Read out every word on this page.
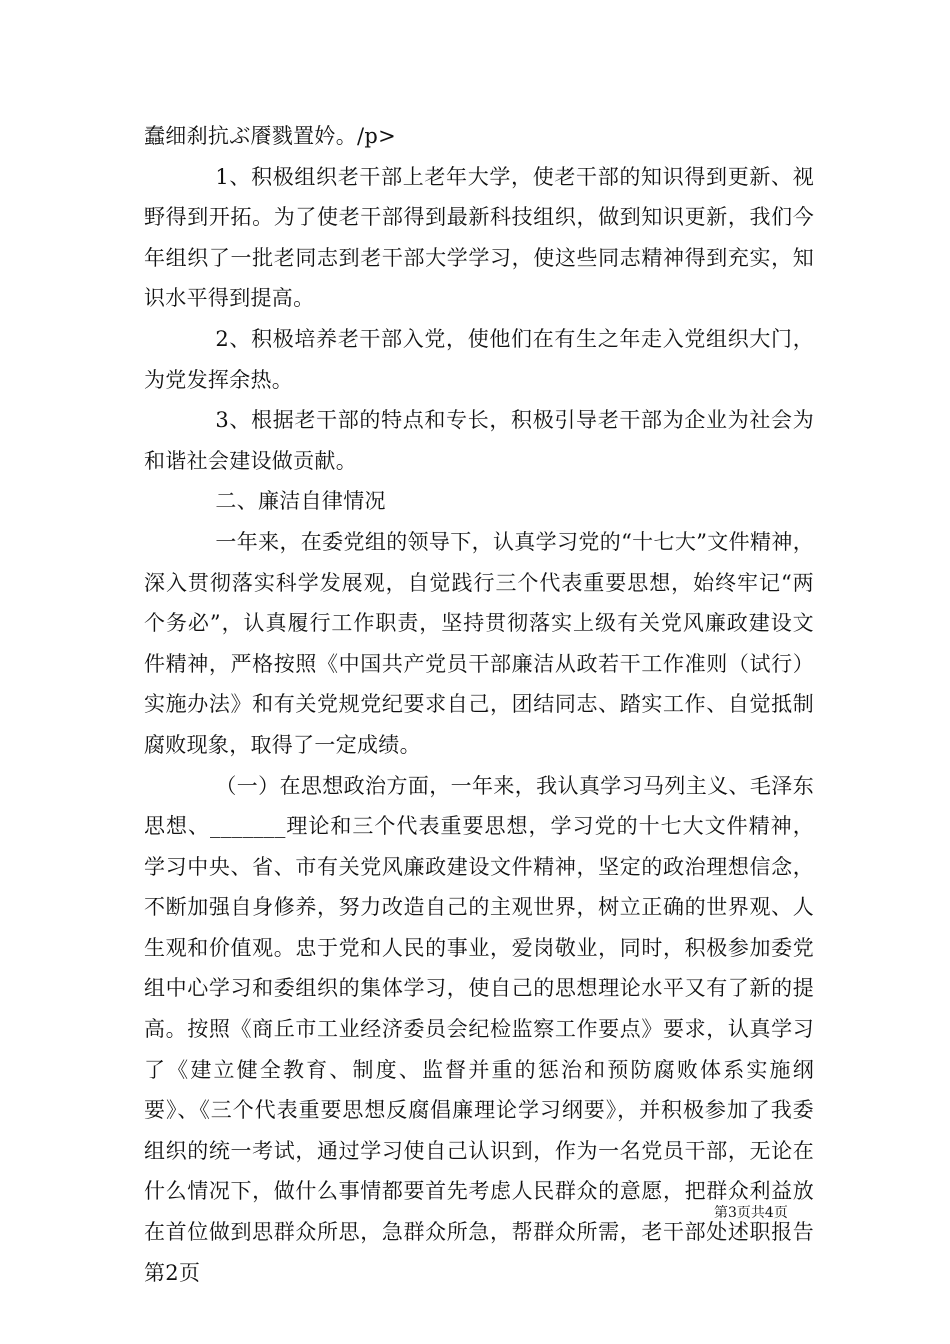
蠢细刹抗ぶ餍戮置妗。/p>

1、积极组织老干部上老年大学，使老干部的知识得到更新、视野得到开拓。为了使老干部得到最新科技组织，做到知识更新，我们今年组织了一批老同志到老干部大学学习，使这些同志精神得到充实，知识水平得到提高。

2、积极培养老干部入党，使他们在有生之年走入党组织大门，为党发挥余热。

3、根据老干部的特点和专长，积极引导老干部为企业为社会为和谐社会建设做贡献。

二、廉洁自律情况

一年来，在委党组的领导下，认真学习党的“十七大”文件精神，深入贯彻落实科学发展观，自觉践行三个代表重要思想，始终牢记“两个务必”，认真履行工作职责，坚持贯彻落实上级有关党风廉政建设文件精神，严格按照《中国共产党员干部廉洁从政若干工作准则（试行）实施办法》和有关党规党纪要求自己，团结同志、踏实工作、自觉抵制腐败现象，取得了一定成绩。

（一）在思想政治方面，一年来，我认真学习马列主义、毛泽东思想、_______理论和三个代表重要思想，学习党的十七大文件精神，学习中央、省、市有关党风廉政建设文件精神，坚定的政治理想信念，不断加强自身修养，努力改造自己的主观世界，树立正确的世界观、人生观和价值观。忠于党和人民的事业，爱岗敬业，同时，积极参加委党组中心学习和委组织的集体学习，使自己的思想理论水平又有了新的提高。按照《商丘市工业经济委员会纪检监察工作要点》要求，认真学习了《建立健全教育、制度、监督并重的惩治和预防腐败体系实施纲要》、《三个代表重要思想反腐倡廉理论学习纲要》，并积极参加了我委组织的统一考试，通过学习使自己认识到，作为一名党员干部，无论在什么情况下，做什么事情都要首先考虑人民群众的意愿，把群众利益放在首位做到思群众所思，急群众所急，帮群众所需，老干部处述职报告第2页

第3页共4页
